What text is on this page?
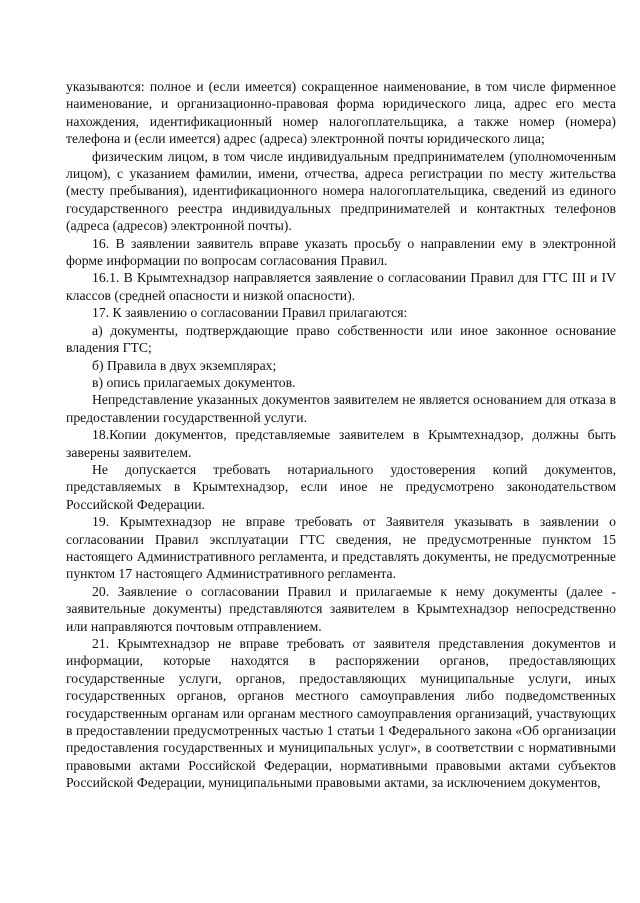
указываются: полное и (если имеется) сокращенное наименование, в том числе фирменное наименование, и организационно-правовая форма юридического лица, адрес его места нахождения, идентификационный номер налогоплательщика, а также номер (номера) телефона и (если имеется) адрес (адреса) электронной почты юридического лица;

физическим лицом, в том числе индивидуальным предпринимателем (уполномоченным лицом), с указанием фамилии, имени, отчества, адреса регистрации по месту жительства (месту пребывания), идентификационного номера налогоплательщика, сведений из единого государственного реестра индивидуальных предпринимателей и контактных телефонов (адреса (адресов) электронной почты).

16. В заявлении заявитель вправе указать просьбу о направлении ему в электронной форме информации по вопросам согласования Правил.

16.1. В Крымтехнадзор направляется заявление о согласовании Правил для ГТС III и IV классов (средней опасности и низкой опасности).

17. К заявлению о согласовании Правил прилагаются:

а) документы, подтверждающие право собственности или иное законное основание владения ГТС;

б) Правила в двух экземплярах;

в) опись прилагаемых документов.

Непредставление указанных документов заявителем не является основанием для отказа в предоставлении государственной услуги.

18.Копии документов, представляемые заявителем в Крымтехнадзор, должны быть заверены заявителем.

Не допускается требовать нотариального удостоверения копий документов, представляемых в Крымтехнадзор, если иное не предусмотрено законодательством Российской Федерации.

19. Крымтехнадзор не вправе требовать от Заявителя указывать в заявлении о согласовании Правил эксплуатации ГТС сведения, не предусмотренные пунктом 15 настоящего Административного регламента, и представлять документы, не предусмотренные пунктом 17 настоящего Административного регламента.

20. Заявление о согласовании Правил и прилагаемые к нему документы (далее - заявительные документы) представляются заявителем в Крымтехнадзор непосредственно или направляются почтовым отправлением.

21. Крымтехнадзор не вправе требовать от заявителя представления документов и информации, которые находятся в распоряжении органов, предоставляющих государственные услуги, органов, предоставляющих муниципальные услуги, иных государственных органов, органов местного самоуправления либо подведомственных государственным органам или органам местного самоуправления организаций, участвующих в предоставлении предусмотренных частью 1 статьи 1 Федерального закона «Об организации предоставления государственных и муниципальных услуг», в соответствии с нормативными правовыми актами Российской Федерации, нормативными правовыми актами субъектов Российской Федерации, муниципальными правовыми актами, за исключением документов,
